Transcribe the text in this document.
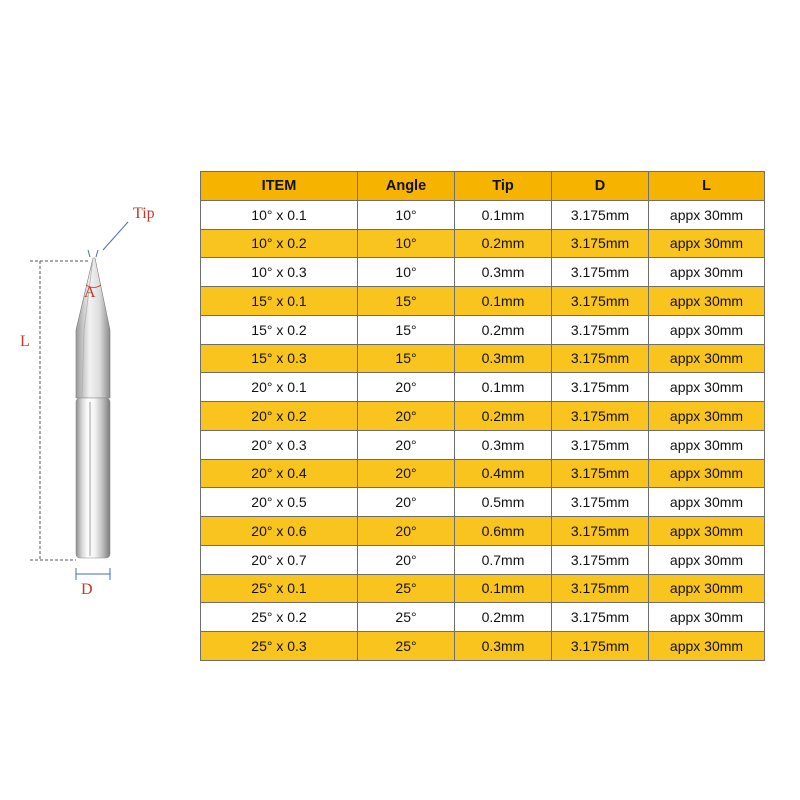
Tip
A
L
D
ITEM	Angle	Tip	D	L
10° x 0.1	10°	0.1mm	3.175mm	appx 30mm
10° x 0.2	10°	0.2mm	3.175mm	appx 30mm
10° x 0.3	10°	0.3mm	3.175mm	appx 30mm
15° x 0.1	15°	0.1mm	3.175mm	appx 30mm
15° x 0.2	15°	0.2mm	3.175mm	appx 30mm
15° x 0.3	15°	0.3mm	3.175mm	appx 30mm
20° x 0.1	20°	0.1mm	3.175mm	appx 30mm
20° x 0.2	20°	0.2mm	3.175mm	appx 30mm
20° x 0.3	20°	0.3mm	3.175mm	appx 30mm
20° x 0.4	20°	0.4mm	3.175mm	appx 30mm
20° x 0.5	20°	0.5mm	3.175mm	appx 30mm
20° x 0.6	20°	0.6mm	3.175mm	appx 30mm
20° x 0.7	20°	0.7mm	3.175mm	appx 30mm
25° x 0.1	25°	0.1mm	3.175mm	appx 30mm
25° x 0.2	25°	0.2mm	3.175mm	appx 30mm
25° x 0.3	25°	0.3mm	3.175mm	appx 30mm
